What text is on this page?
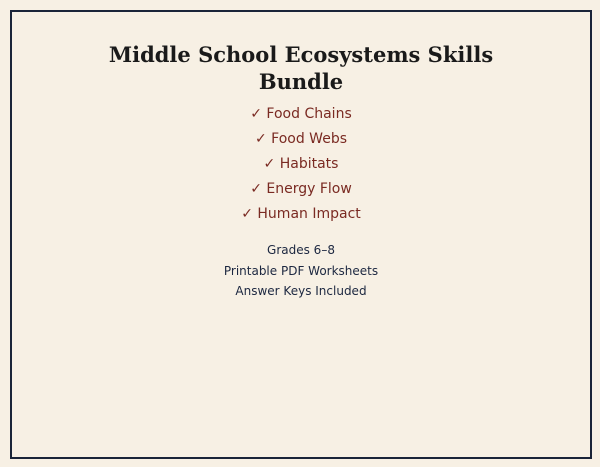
Middle School Ecosystems Skills
Bundle
✓ Food Chains
✓ Food Webs
✓ Habitats
✓ Energy Flow
✓ Human Impact
Grades 6–8
Printable PDF Worksheets
Answer Keys Included
